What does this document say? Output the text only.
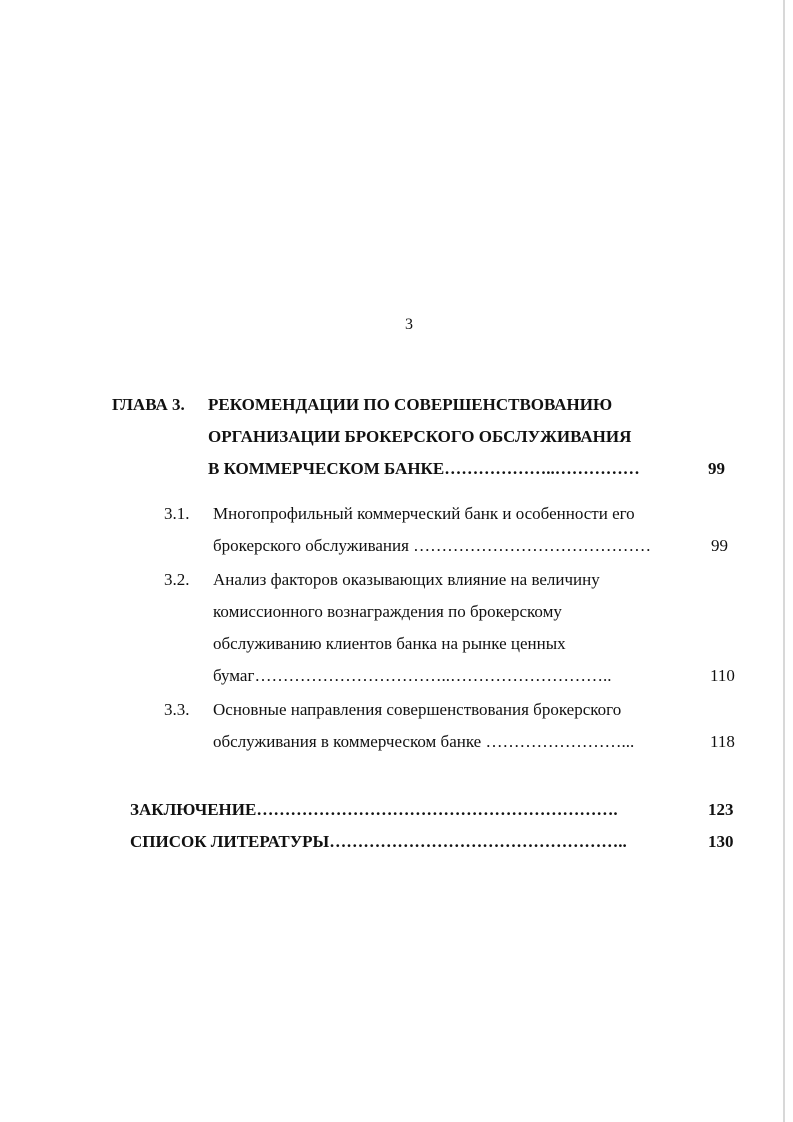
3
ГЛАВА 3. РЕКОМЕНДАЦИИ ПО СОВЕРШЕНСТВОВАНИЮ
ОРГАНИЗАЦИИ БРОКЕРСКОГО ОБСЛУЖИВАНИЯ
В КОММЕРЧЕСКОМ БАНКЕ………………..……………	99
3.1. Многопрофильный коммерческий банк и особенности его
брокерского обслуживания ……………………………………	99
3.2. Анализ факторов оказывающих влияние на величину
комиссионного вознаграждения по брокерскому
обслуживанию клиентов банка на рынке ценных
бумаг……………………………..………………………..	110
3.3. Основные направления совершенствования брокерского
обслуживания в коммерческом банке ……………………...	118
ЗАКЛЮЧЕНИЕ……………………………………………………….	123
СПИСОК ЛИТЕРАТУРЫ……………………………………………..	130
